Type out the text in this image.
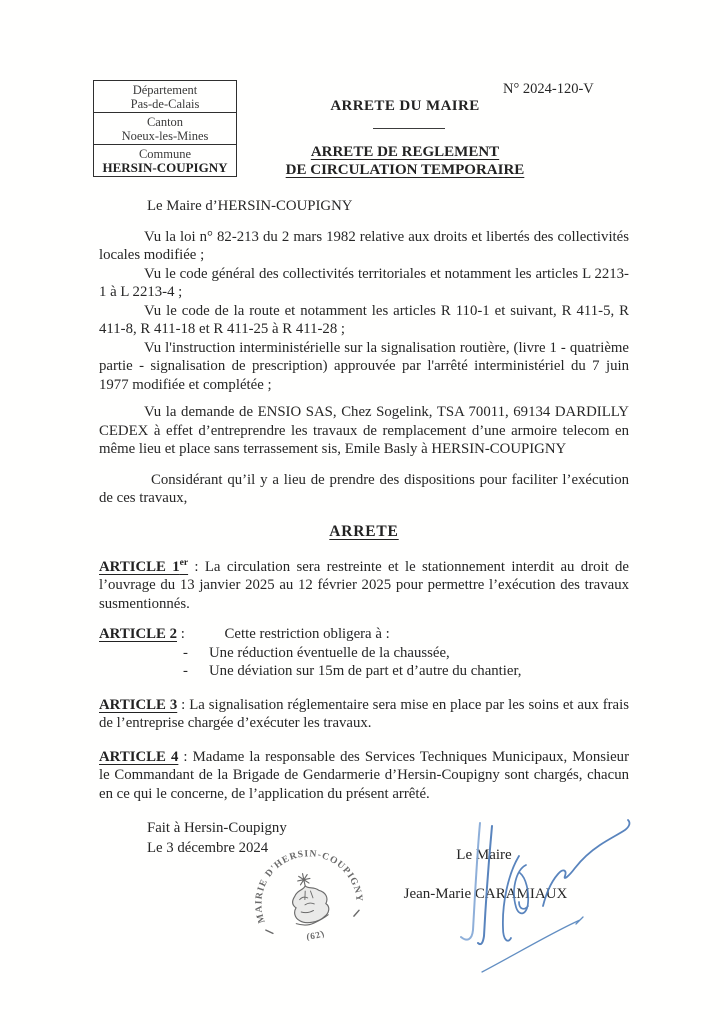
Département
Pas-de-Calais
Canton
Noeux-les-Mines
Commune
HERSIN-COUPIGNY
N° 2024-120-V
ARRETE DU MAIRE
ARRETE DE REGLEMENT
DE CIRCULATION TEMPORAIRE

Le Maire d’HERSIN-COUPIGNY

Vu la loi n° 82-213 du 2 mars 1982 relative aux droits et libertés des collectivités locales modifiée ;

Vu le code général des collectivités territoriales et notamment les articles L 2213-1 à L 2213-4 ;

Vu le code de la route et notamment les articles R 110-1 et suivant, R 411-5, R 411-8, R 411-18 et R 411-25 à R 411-28 ;

Vu l'instruction interministérielle sur la signalisation routière, (livre 1 - quatrième partie - signalisation de prescription) approuvée par l'arrêté interministériel du 7 juin 1977 modifiée et complétée ;

Vu la demande de ENSIO SAS, Chez Sogelink, TSA 70011, 69134 DARDILLY CEDEX à effet d’entreprendre les travaux de remplacement d’une armoire telecom en même lieu et place sans terrassement sis, Emile Basly à HERSIN-COUPIGNY

Considérant qu’il y a lieu de prendre des dispositions pour faciliter l’exécution de ces travaux,

ARRETE

ARTICLE 1er : La circulation sera restreinte et le stationnement interdit au droit de l’ouvrage du 13 janvier 2025 au 12 février 2025 pour permettre l’exécution des travaux susmentionnés.

ARTICLE 2 : Cette restriction obligera à :

-	Une réduction éventuelle de la chaussée,
-	Une déviation sur 15m de part et d’autre du chantier,

ARTICLE 3 : La signalisation réglementaire sera mise en place par les soins et aux frais de l’entreprise chargée d’exécuter les travaux.

ARTICLE 4 : Madame la responsable des Services Techniques Municipaux, Monsieur le Commandant de la Brigade de Gendarmerie d’Hersin-Coupigny sont chargés, chacun en ce qui le concerne, de l’application du présent arrêté.

Fait à Hersin-Coupigny
Le 3 décembre 2024
MAIRIE D'HERSIN-COUPIGNY
(62)
Le Maire
Jean-Marie CARAMIAUX
